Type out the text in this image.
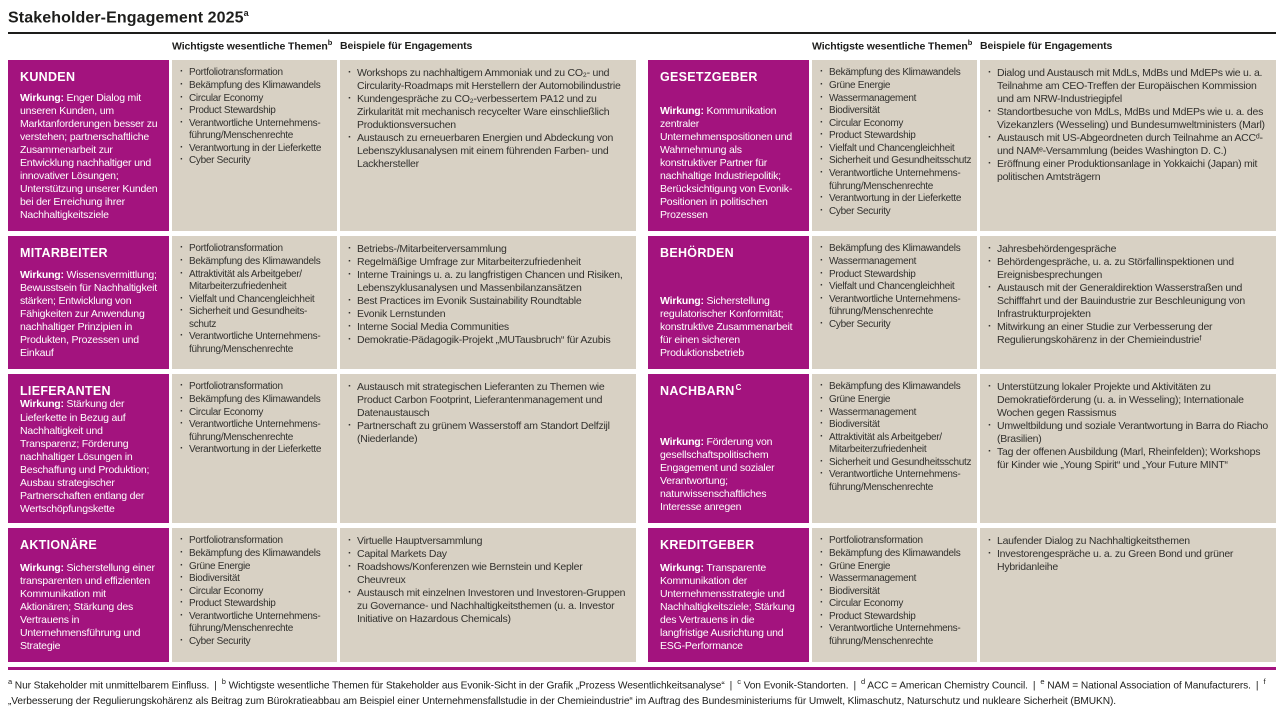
Stakeholder-Engagement 2025$^a$
Wichtigste wesentliche Themen$^b$ Beispiele für Engagements
KUNDEN

Wirkung: Enger Dialog mit unseren Kunden, um Marktanforderungen besser zu verstehen; partnerschaftliche Zusammenarbeit zur Entwicklung nachhaltiger und innovativer Lösungen; Unterstützung unserer Kunden bei der Erreichung ihrer Nachhaltigkeitsziele

· Portfoliotransformation
· Bekämpfung des Klimawandels
· Circular Economy
· Product Stewardship
· Verantwortliche Unternehmens-führung/Menschenrechte
· Verantwortung in der Lieferkette
· Cyber Security
· Workshops zu nachhaltigem Ammoniak und zu CO₂- und Circularity-Roadmaps mit Herstellern der Automobilindustrie
· Kundengespräche zu CO₂-verbessertem PA12 und zu Zirkularität mit mechanisch recycelter Ware einschließlich Produktionsversuchen
· Austausch zu erneuerbaren Energien und Abdeckung von Lebenszyklusanalysen mit einem führenden Farben- und Lackhersteller
MITARBEITER

Wirkung: Wissensvermittlung; Bewusstsein für Nachhaltigkeit stärken; Entwicklung von Fähigkeiten zur Anwendung nachhaltiger Prinzipien in Produkten, Prozessen und Einkauf

· Portfoliotransformation
· Bekämpfung des Klimawandels
· Attraktivität als Arbeitgeber/​Mitarbeiterzufriedenheit
· Vielfalt und Chancengleichheit
· Sicherheit und Gesundheits-schutz
· Verantwortliche Unternehmens-führung/Menschenrechte
· Betriebs-/Mitarbeiterversammlung
· Regelmäßige Umfrage zur Mitarbeiterzufriedenheit
· Interne Trainings u. a. zu langfristigen Chancen und Risiken, Lebenszyklusanalysen und Massenbilanzansätzen
· Best Practices im Evonik Sustainability Roundtable
· Evonik Lernstunden
· Interne Social Media Communities
· Demokratie-Pädagogik-Projekt „MUTausbruch“ für Azubis
LIEFERANTEN

Wirkung: Stärkung der Lieferkette in Bezug auf Nachhaltigkeit und Transparenz; Förderung nachhaltiger Lösungen in Beschaffung und Produktion; Ausbau strategischer Partnerschaften entlang der Wertschöpfungskette

· Portfoliotransformation
· Bekämpfung des Klimawandels
· Circular Economy
· Verantwortliche Unternehmens-führung/Menschenrechte
· Verantwortung in der Lieferkette
· Austausch mit strategischen Lieferanten zu Themen wie Product Carbon Footprint, Lieferantenmanagement und Datenaustausch
· Partnerschaft zu grünem Wasserstoff am Standort Delfzijl (Niederlande)
AKTIONÄRE

Wirkung: Sicherstellung einer transparenten und effizienten Kommunikation mit Aktionären; Stärkung des Vertrauens in Unternehmensführung und Strategie

· Portfoliotransformation
· Bekämpfung des Klimawandels
· Grüne Energie
· Biodiversität
· Circular Economy
· Product Stewardship
· Verantwortliche Unternehmens-führung/Menschenrechte
· Cyber Security
· Virtuelle Hauptversammlung
· Capital Markets Day
· Roadshows/Konferenzen wie Bernstein und Kepler Cheuvreux
· Austausch mit einzelnen Investoren und Investoren-Gruppen zu Governance- und Nachhaltigkeitsthemen (u. a. Investor Initiative on Hazardous Chemicals)
Wichtigste wesentliche Themen$^b$ Beispiele für Engagements
GESETZGEBER

Wirkung: Kommunikation zentraler Unternehmenspositionen und Wahrnehmung als konstruktiver Partner für nachhaltige Industriepolitik; Berücksichtigung von Evonik-Positionen in politischen Prozessen

· Bekämpfung des Klimawandels
· Grüne Energie
· Wassermanagement
· Biodiversität
· Circular Economy
· Product Stewardship
· Vielfalt und Chancengleichheit
· Sicherheit und Gesundheitsschutz
· Verantwortliche Unternehmens-führung/Menschenrechte
· Verantwortung in der Lieferkette
· Cyber Security
· Dialog und Austausch mit MdLs, MdBs und MdEPs wie u. a. Teilnahme am CEO-Treffen der Europäischen Kommission und am NRW-Industriegipfel
· Standortbesuche von MdLs, MdBs und MdEPs wie u. a. des Vizekanzlers (Wesseling) und Bundesumweltministers (Marl)
· Austausch mit US-Abgeordneten durch Teilnahme an ACCᵈ- und NAMᵉ-Versammlung (beides Washington D. C.)
· Eröffnung einer Produktionsanlage in Yokkaichi (Japan) mit politischen Amtsträgern
BEHÖRDEN

Wirkung: Sicherstellung regulatorischer Konformität; konstruktive Zusammenarbeit für einen sicheren Produktionsbetrieb

· Bekämpfung des Klimawandels
· Wassermanagement
· Product Stewardship
· Vielfalt und Chancengleichheit
· Verantwortliche Unternehmens-führung/Menschenrechte
· Cyber Security
· Jahresbehördengespräche
· Behördengespräche, u. a. zu Störfallinspektionen und Ereignisbesprechungen
· Austausch mit der Generaldirektion Wasserstraßen und Schifffahrt und der Bauindustrie zur Beschleunigung von Infrastrukturprojekten
· Mitwirkung an einer Studie zur Verbesserung der Regulierungskohärenz in der Chemieindustrieᶠ
$NACHBARN^C$

Wirkung: Förderung von gesellschaftspolitischem Engagement und sozialer Verantwortung; naturwissenschaftliches Interesse anregen

· Bekämpfung des Klimawandels
· Grüne Energie
· Wassermanagement
· Biodiversität
· Attraktivität als Arbeitgeber/​Mitarbeiterzufriedenheit
· Sicherheit und Gesundheitsschutz
· Verantwortliche Unternehmens-führung/Menschenrechte
· Unterstützung lokaler Projekte und Aktivitäten zu Demokratieförderung (u. a. in Wesseling); Internationale Wochen gegen Rassismus
· Umweltbildung und soziale Verantwortung in Barra do Riacho (Brasilien)
· Tag der offenen Ausbildung (Marl, Rheinfelden); Workshops für Kinder wie „Young Spirit“ und „Your Future MINT“
KREDITGEBER

Wirkung: Transparente Kommunikation der Unternehmensstrategie und Nachhaltigkeitsziele; Stärkung des Vertrauens in die langfristige Ausrichtung und ESG-Performance

· Portfoliotransformation
· Bekämpfung des Klimawandels
· Grüne Energie
· Wassermanagement
· Biodiversität
· Circular Economy
· Product Stewardship
· Verantwortliche Unternehmens-führung/Menschenrechte
· Laufender Dialog zu Nachhaltigkeitsthemen
· Investorengespräche u. a. zu Green Bond und grüner Hybridanleihe

$^a$ Nur Stakeholder mit unmittelbarem Einfluss. | $^b$ Wichtigste wesentliche Themen für Stakeholder aus Evonik-Sicht in der Grafik „Prozess Wesentlichkeitsanalyse“ | $^c$ Von Evonik-Standorten. | $^d$ ACC = American Chemistry Council. | $^e$ NAM = National Association of Manufacturers. | $^f$ „Verbesserung der Regulierungskohärenz als Beitrag zum Bürokratieabbau am Beispiel einer Unternehmensfallstudie in der Chemieindustrie“ im Auftrag des Bundesministeriums für Umwelt, Klimaschutz, Naturschutz und nukleare Sicherheit (BMUKN).
